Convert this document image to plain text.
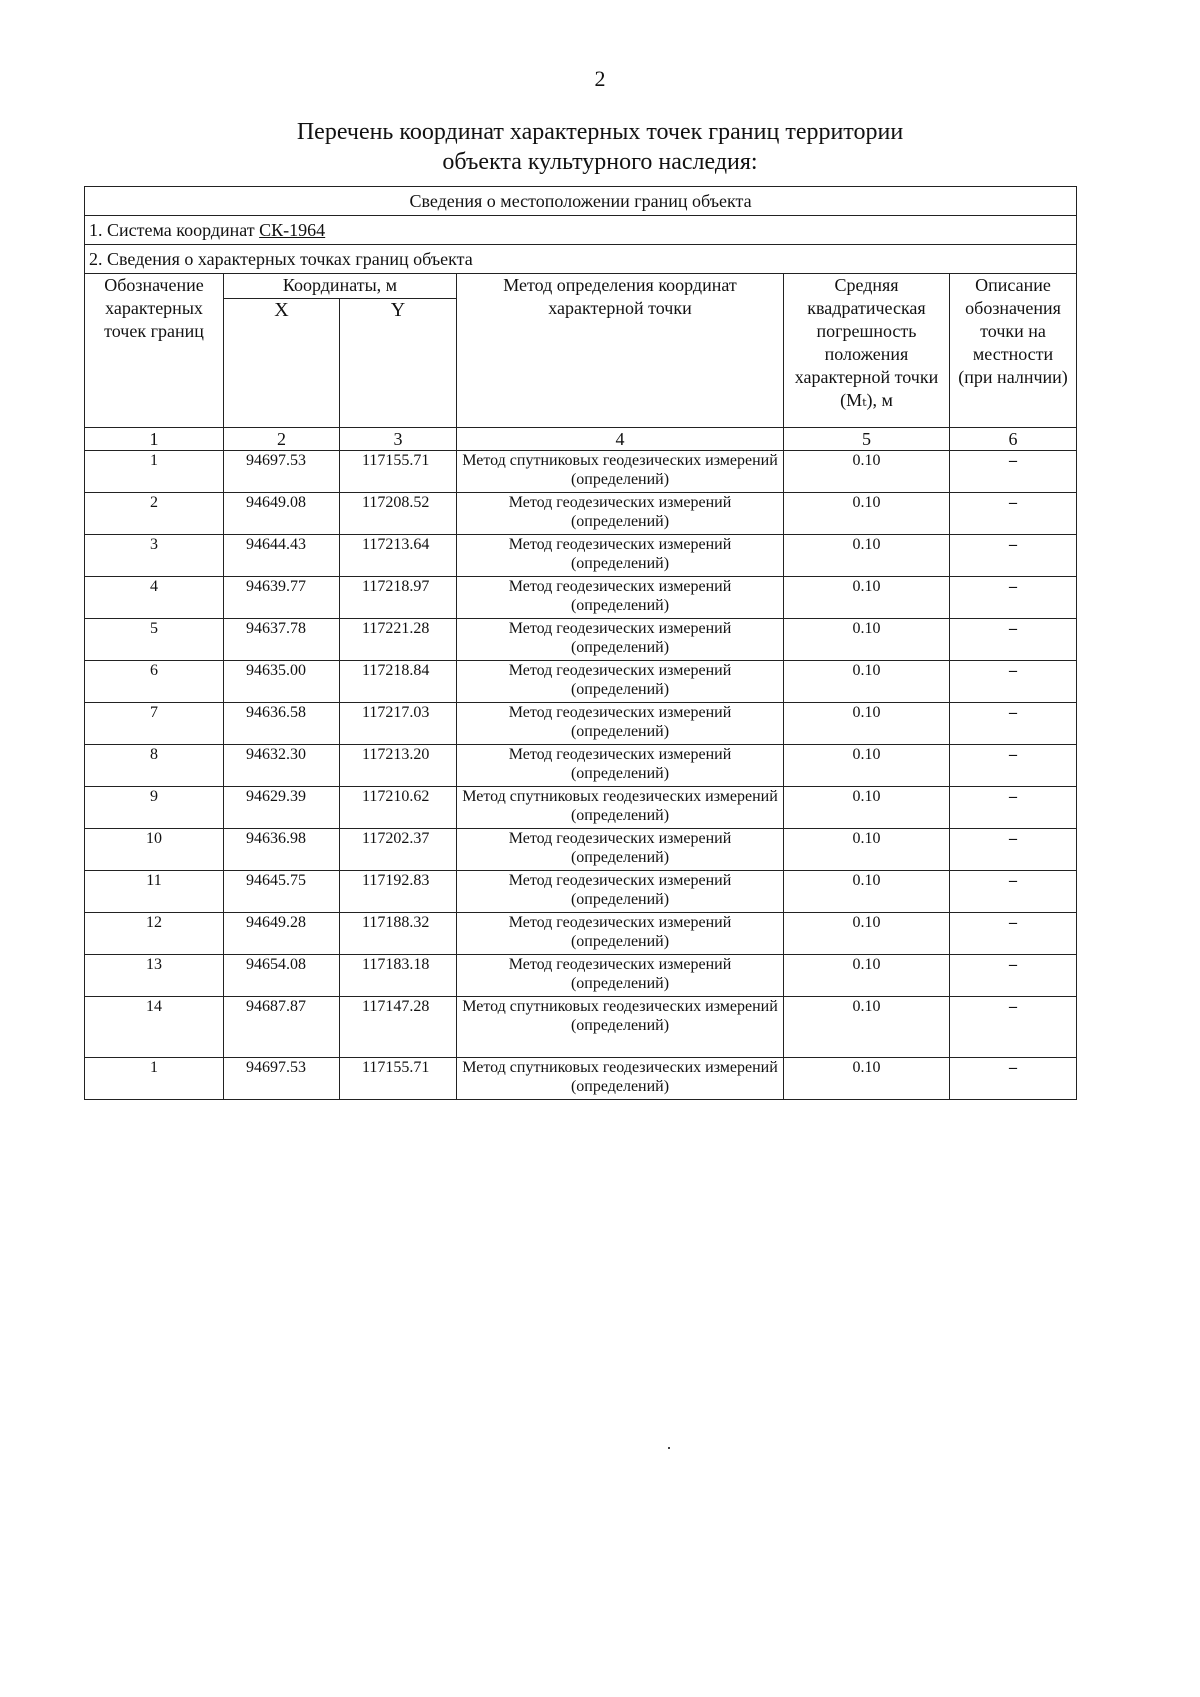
2
Перечень координат характерных точек границ территории
объекта культурного наследия:
Сведения о местоположении границ объекта					
1. Система координат СК-1964					
2. Сведения о характерных точках границ объекта					
Обозначение характерных точек границ	Координаты, м		Метод определения координат характерной точки	Средняя квадратическая погрешность положения характерной точки (Mₜ), м	Описание обозначения точки на местности (при налнчии)
	X	Y			
1	2	3	4	5	6
1	94697.53	117155.71	Метод спутниковых геодезических измерений (определений)	0.10	–
2	94649.08	117208.52	Метод геодезических измерений (определений)	0.10	–
3	94644.43	117213.64	Метод геодезических измерений (определений)	0.10	–
4	94639.77	117218.97	Метод геодезических измерений (определений)	0.10	–
5	94637.78	117221.28	Метод геодезических измерений (определений)	0.10	–
6	94635.00	117218.84	Метод геодезических измерений (определений)	0.10	–
7	94636.58	117217.03	Метод геодезических измерений (определений)	0.10	–
8	94632.30	117213.20	Метод геодезических измерений (определений)	0.10	–
9	94629.39	117210.62	Метод спутниковых геодезических измерений (определений)	0.10	–
10	94636.98	117202.37	Метод геодезических измерений (определений)	0.10	–
11	94645.75	117192.83	Метод геодезических измерений (определений)	0.10	–
12	94649.28	117188.32	Метод геодезических измерений (определений)	0.10	–
13	94654.08	117183.18	Метод геодезических измерений (определений)	0.10	–
14	94687.87	117147.28	Метод спутниковых геодезических измерений (определений)	0.10	–
1	94697.53	117155.71	Метод спутниковых геодезических измерений (определений)	0.10	–
